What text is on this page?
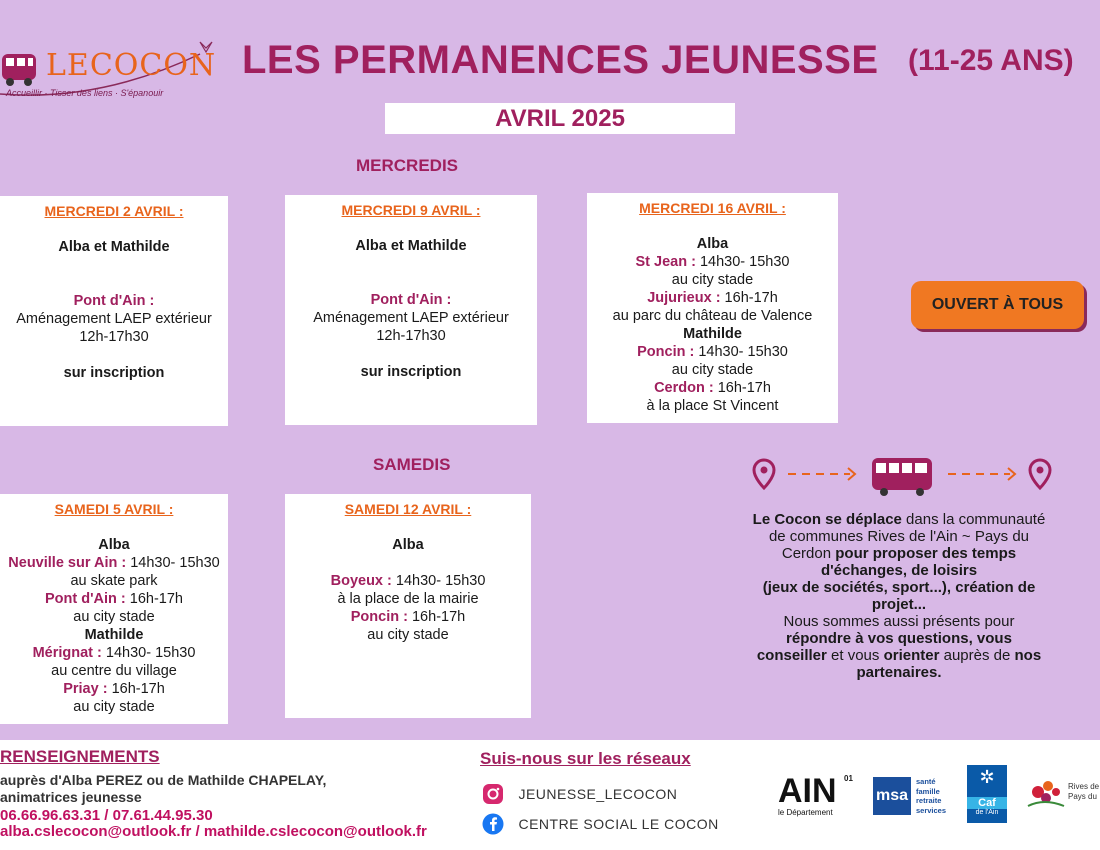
LECOCON
Accueillir · Tisser des liens · S'épanouir
LES PERMANENCES JEUNESSE (11-25 ANS)
AVRIL 2025
MERCREDIS
MERCREDI 2 AVRIL :
Alba et Mathilde
Pont d'Ain :
Aménagement LAEP extérieur
12h-17h30
sur inscription
MERCREDI 9 AVRIL :
Alba et Mathilde
Pont d'Ain :
Aménagement LAEP extérieur
12h-17h30
sur inscription
MERCREDI 16 AVRIL :
Alba
St Jean : 14h30- 15h30
au city stade
Jujurieux : 16h-17h
au parc du château de Valence
Mathilde
Poncin : 14h30- 15h30
au city stade
Cerdon : 16h-17h
à la place St Vincent
OUVERT À TOUS
SAMEDIS
SAMEDI 5 AVRIL :
Alba
Neuville sur Ain : 14h30- 15h30
au skate park
Pont d'Ain : 16h-17h
au city stade
Mathilde
Mérignat : 14h30- 15h30
au centre du village
Priay : 16h-17h
au city stade
SAMEDI 12 AVRIL :
Alba
Boyeux : 14h30- 15h30
à la place de la mairie
Poncin : 16h-17h
au city stade
Le Cocon se déplace dans la communauté de communes Rives de l'Ain ~ Pays du Cerdon pour proposer des temps d'échanges, de loisirs
(jeux de sociétés, sport...), création de projet...
Nous sommes aussi présents pour répondre à vos questions, vous conseiller et vous orienter auprès de nos partenaires.
RENSEIGNEMENTS
auprès d'Alba PEREZ ou de Mathilde CHAPELAY,
animatrices jeunesse
06.66.96.63.31 / 07.61.44.95.30
alba.cslecocon@outlook.fr / mathilde.cslecocon@outlook.fr
Suis-nous sur les réseaux
JEUNESSE_LECOCON
CENTRE SOCIAL LE COCON
AIN 01
le Département
msa
santé
famille
retraite
services
✲
Caf
de l'Ain
Rives de
Pays du
